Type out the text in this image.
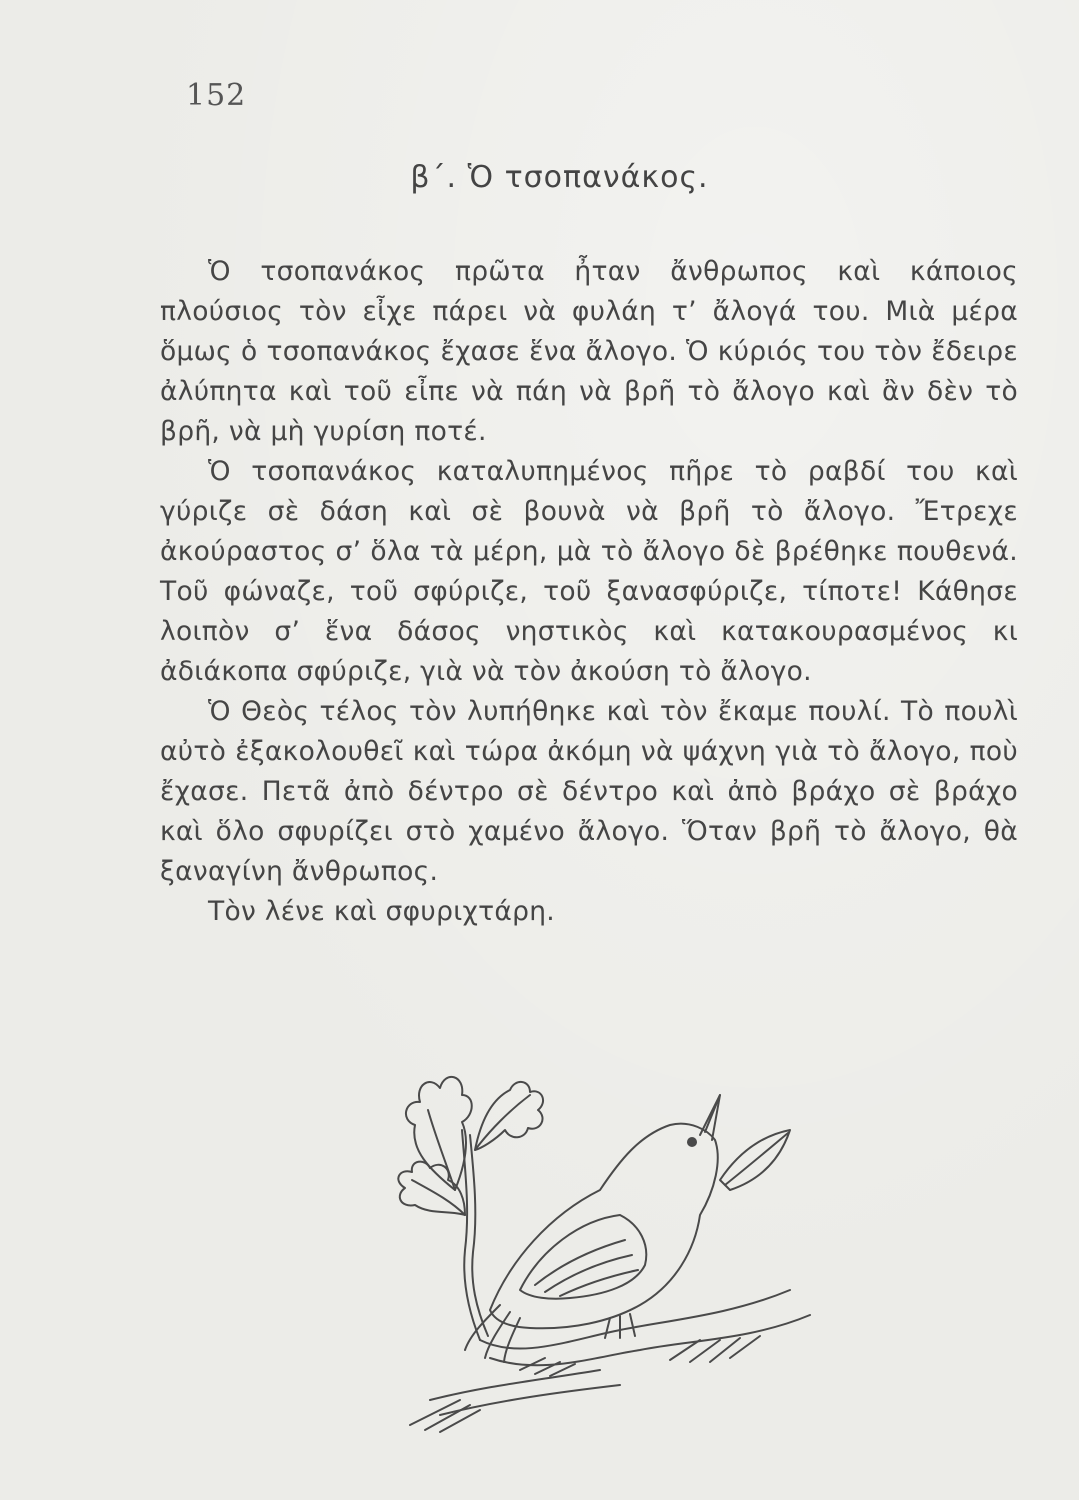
152
β΄. Ὁ τσοπανάκος.

Ὁ τσοπανάκος πρῶτα ἦταν ἄνθρωπος καὶ κάποιος πλούσιος τὸν εἶχε πάρει νὰ φυλάη τ’ ἄλογά του. Μιὰ μέρα ὅμως ὁ τσοπανάκος ἔχασε ἕνα ἄλογο. Ὁ κύριός του τὸν ἔδειρε ἀλύπητα καὶ τοῦ εἶπε νὰ πάη νὰ βρῆ τὸ ἄλογο καὶ ἂν δὲν τὸ βρῆ, νὰ μὴ γυρίση ποτέ.

Ὁ τσοπανάκος καταλυπημένος πῆρε τὸ ραβδί του καὶ γύριζε σὲ δάση καὶ σὲ βουνὰ νὰ βρῆ τὸ ἄλογο. Ἔτρεχε ἀκούραστος σ’ ὅλα τὰ μέρη, μὰ τὸ ἄλογο δὲ βρέθηκε πουθενά. Τοῦ φώναζε, τοῦ σφύριζε, τοῦ ξανασφύριζε, τίποτε! Κάθησε λοιπὸν σ’ ἕνα δάσος νηστικὸς καὶ κατακουρασμένος κι ἀδιάκοπα σφύριζε, γιὰ νὰ τὸν ἀκούση τὸ ἄλογο.

Ὁ Θεὸς τέλος τὸν λυπήθηκε καὶ τὸν ἔκαμε πουλί. Τὸ πουλὶ αὐτὸ ἐξακολουθεῖ καὶ τώρα ἀκόμη νὰ ψάχνη γιὰ τὸ ἄλογο, ποὺ ἔχασε. Πετᾶ ἀπὸ δέντρο σὲ δέντρο καὶ ἀπὸ βράχο σὲ βράχο καὶ ὅλο σφυρίζει στὸ χαμένο ἄλογο. Ὅταν βρῆ τὸ ἄλογο, θὰ ξαναγίνη ἄνθρωπος.

Τὸν λένε καὶ σφυριχτάρη.
